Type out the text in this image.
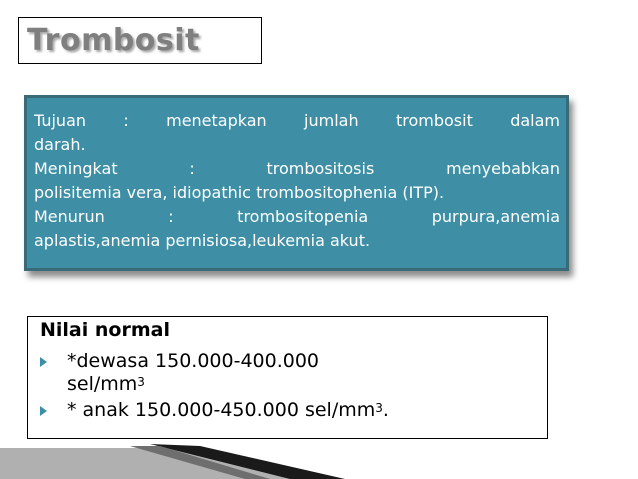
Trombosit
Tujuan : menetapkan jumlah trombosit dalam
darah.
Meningkat : trombositosis menyebabkan
polisitemia vera, idiopathic trombositophenia (ITP).
Menurun : trombositopenia purpura,anemia
aplastis,anemia pernisiosa,leukemia akut.
Nilai normal
*dewasa 150.000-400.000
sel/$mm^3$
* anak 150.000-450.000 sel/$mm^3$.
